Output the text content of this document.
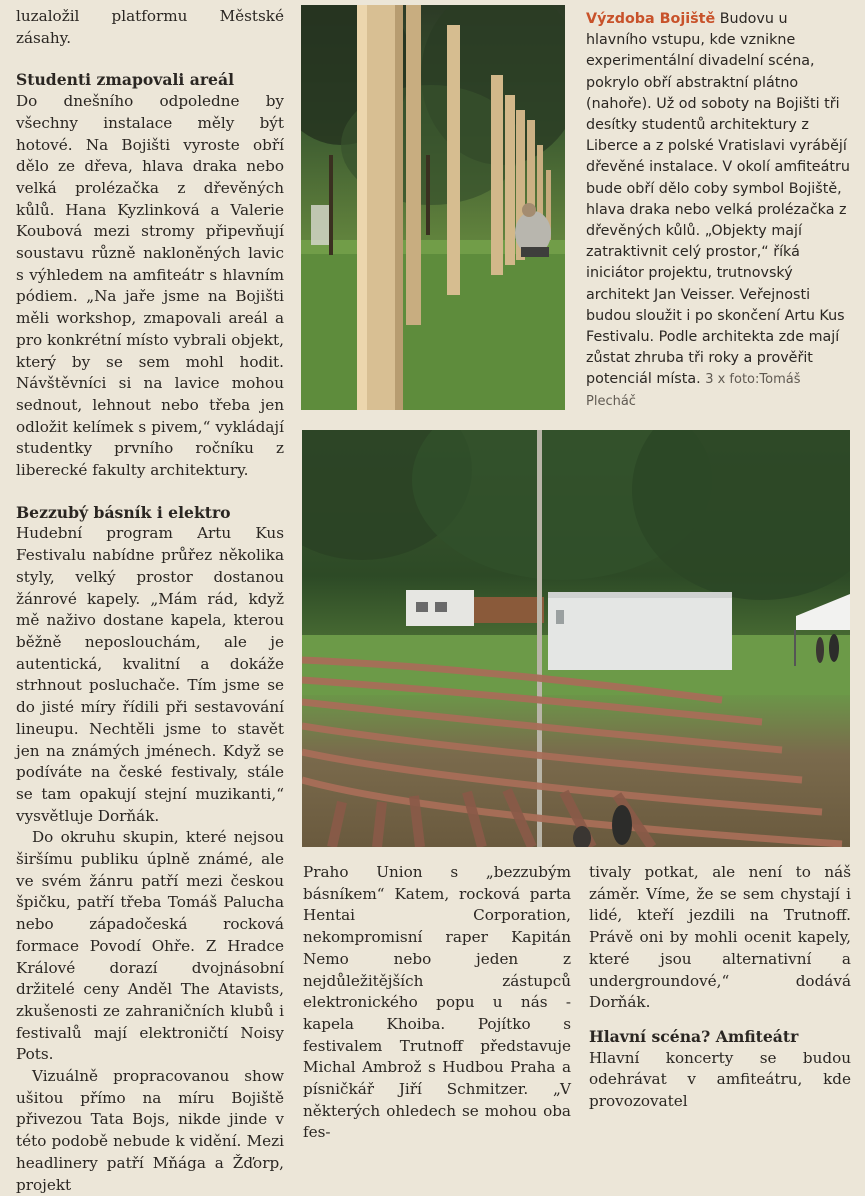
luzaložil platformu Městské zásahy.

Studenti zmapovali areál

Do dnešního odpoledne by všechny instalace měly být hotové. Na Bojišti vyroste obří dělo ze dřeva, hlava draka nebo velká prolézačka z dřevěných kůlů. Hana Kyzlinková a Valerie Koubová mezi stromy připevňují soustavu různě nakloněných lavic s výhledem na amfiteátr s hlavním pódiem. „Na jaře jsme na Bojišti měli workshop, zmapovali areál a pro konkrétní místo vybrali objekt, který by se sem mohl hodit. Návštěvníci si na lavice mohou sednout, lehnout nebo třeba jen odložit kelímek s pivem,“ vykládají studentky prvního ročníku z liberecké fakulty architektury.

Bezzubý básník i elektro

Hudební program Artu Kus Festivalu nabídne průřez několika styly, velký prostor dostanou žánrové kapely. „Mám rád, když mě naživo dostane kapela, kterou běžně neposlouchám, ale je autentická, kvalitní a dokáže strhnout posluchače. Tím jsme se do jisté míry řídili při sestavování lineupu. Nechtěli jsme to stavět jen na známých jménech. Když se podíváte na české festivaly, stále se tam opakují stejní muzikanti,“ vysvětluje Dorňák.

Do okruhu skupin, které nejsou širšímu publiku úplně známé, ale ve svém žánru patří mezi českou špičku, patří třeba Tomáš Palucha nebo západočeská rocková formace Povodí Ohře. Z Hradce Králové dorazí dvojnásobní držitelé ceny Anděl The Atavists, zkušenosti ze zahraničních klubů i festivalů mají elektroničtí Noisy Pots.

Vizuálně propracovanou show ušitou přímo na míru Bojiště přivezou Tata Bojs, nikde jinde v této podobě nebude k vidění. Mezi headlinery patří Mňága a Žďorp, projekt

Výzdoba Bojiště Budovu u hlavního vstupu, kde vznikne experimentální divadelní scéna, pokrylo obří abstraktní plátno (nahoře). Už od soboty na Bojišti tři desítky studentů architektury z Liberce a z polské Vratislavi vyrábějí dřevěné instalace. V okolí amfiteátru bude obří dělo coby symbol Bojiště, hlava draka nebo velká prolézačka z dřevěných kůlů. „Objekty mají zatraktivnit celý prostor,“ říká iniciátor projektu, trutnovský architekt Jan Veisser. Veřejnosti budou sloužit i po skončení Artu Kus Festivalu. Podle architekta zde mají zůstat zhruba tři roky a prověřit potenciál místa. 3 x foto:Tomáš Plecháč

Praho Union s „bezzubým básníkem“ Katem, rocková parta Hentai Corporation, nekompromisní raper Kapitán Nemo nebo jeden z nejdůležitějších zástupců elektronického popu u nás - kapela Khoiba. Pojítko s festivalem Trutnoff představuje Michal Ambrož s Hudbou Praha a písničkář Jiří Schmitzer. „V některých ohledech se mohou oba fes-

tivaly potkat, ale není to náš záměr. Víme, že se sem chystají i lidé, kteří jezdili na Trutnoff. Právě oni by mohli ocenit kapely, které jsou alternativní a undergroundové,“ dodává Dorňák.

Hlavní scéna? Amfiteátr

Hlavní koncerty se budou odehrávat v amfiteátru, kde provozovatel
